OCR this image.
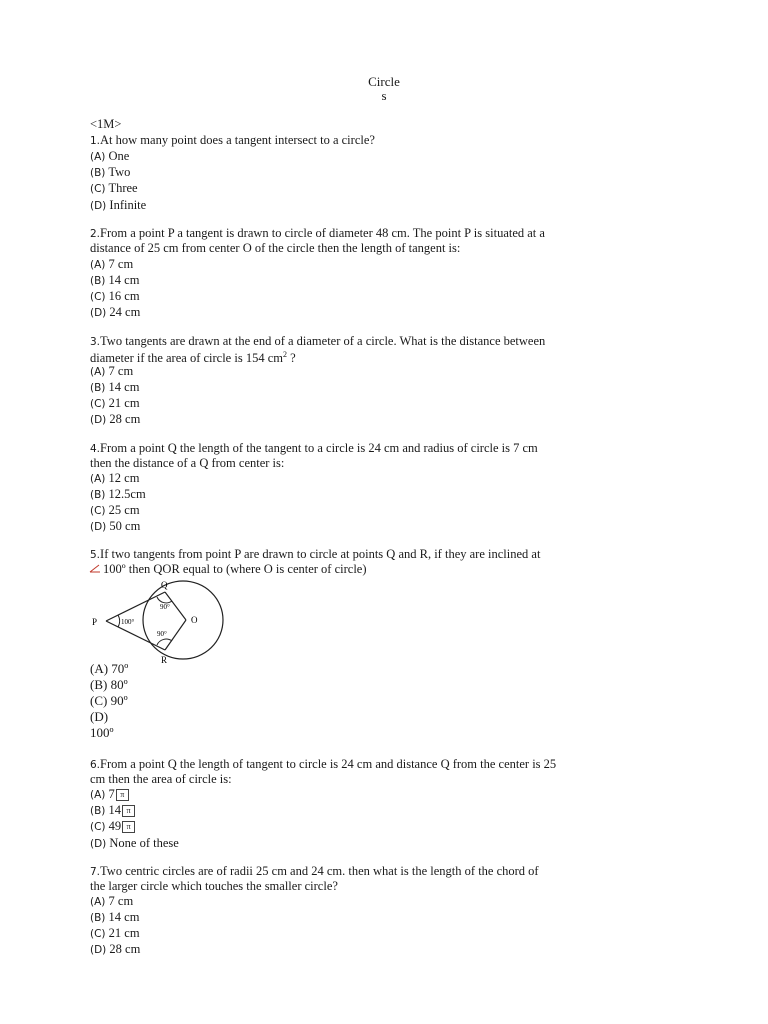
Circle
s
<1M>
1.At how many point does a tangent intersect to a circle?
(A) One
(B) Two
(C) Three
(D) Infinite
2.From a point P a tangent is drawn to circle of diameter 48 cm. The point P is situated at a
distance of 25 cm from center O of the circle then the length of tangent is:
(A) 7 cm
(B) 14 cm
(C) 16 cm
(D) 24 cm
3.Two tangents are drawn at the end of a diameter of a circle. What is the distance between
diameter if the area of circle is 154 $cm^2$ ?
(A) 7 cm
(B) 14 cm
(C) 21 cm
(D) 28 cm
4.From a point Q the length of the tangent to a circle is 24 cm and radius of circle is 7 cm
then the distance of a Q from center is:
(A) 12 cm
(B) 12.5cm
(C) 25 cm
(D) 50 cm
5.If two tangents from point P are drawn to circle at points Q and R, if they are inclined at
100º then QOR equal to (where O is center of circle)
P
Q
R
O
100°
90°
90°
(A) 70º
(B) 80º
(C) 90º
(D)
100º
6.From a point Q the length of tangent to circle is 24 cm and distance Q from the center is 25
cm then the area of circle is:
(A) 7 π
(B) 14 π
(C) 49 π
(D) None of these
7.Two centric circles are of radii 25 cm and 24 cm. then what is the length of the chord of
the larger circle which touches the smaller circle?
(A) 7 cm
(B) 14 cm
(C) 21 cm
(D) 28 cm
